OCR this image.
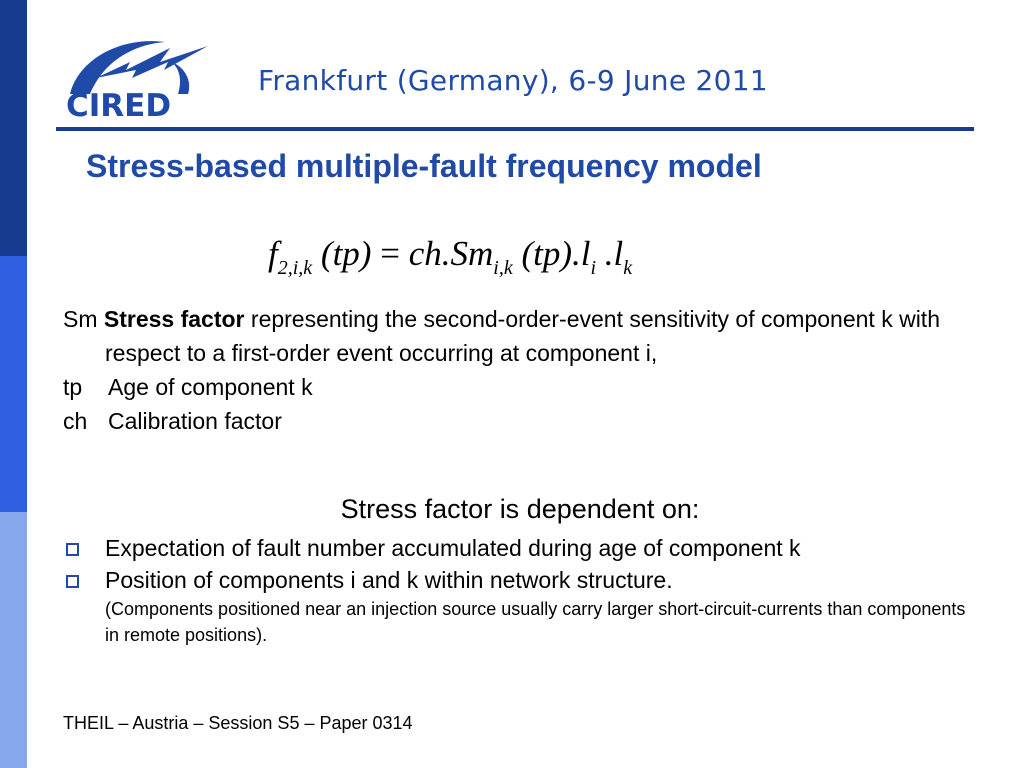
CIRED
Frankfurt (Germany), 6-9 June 2011
Stress-based multiple-fault frequency model
$f_{2,i,k}$ $(tp) = ch.Sm_{i,k}$ $(tp).l_i$ $.l_k$

Sm Stress factor representing the second-order-event sensitivity of component k with respect to a first-order event occurring at component i,

tp Age of component k

ch Calibration factor

Stress factor is dependent on:
Expectation of fault number accumulated during age of component k
Position of components i and k within network structure.
(Components positioned near an injection source usually carry larger short-circuit-currents than components in remote positions).
THEIL – Austria – Session S5 – Paper 0314
